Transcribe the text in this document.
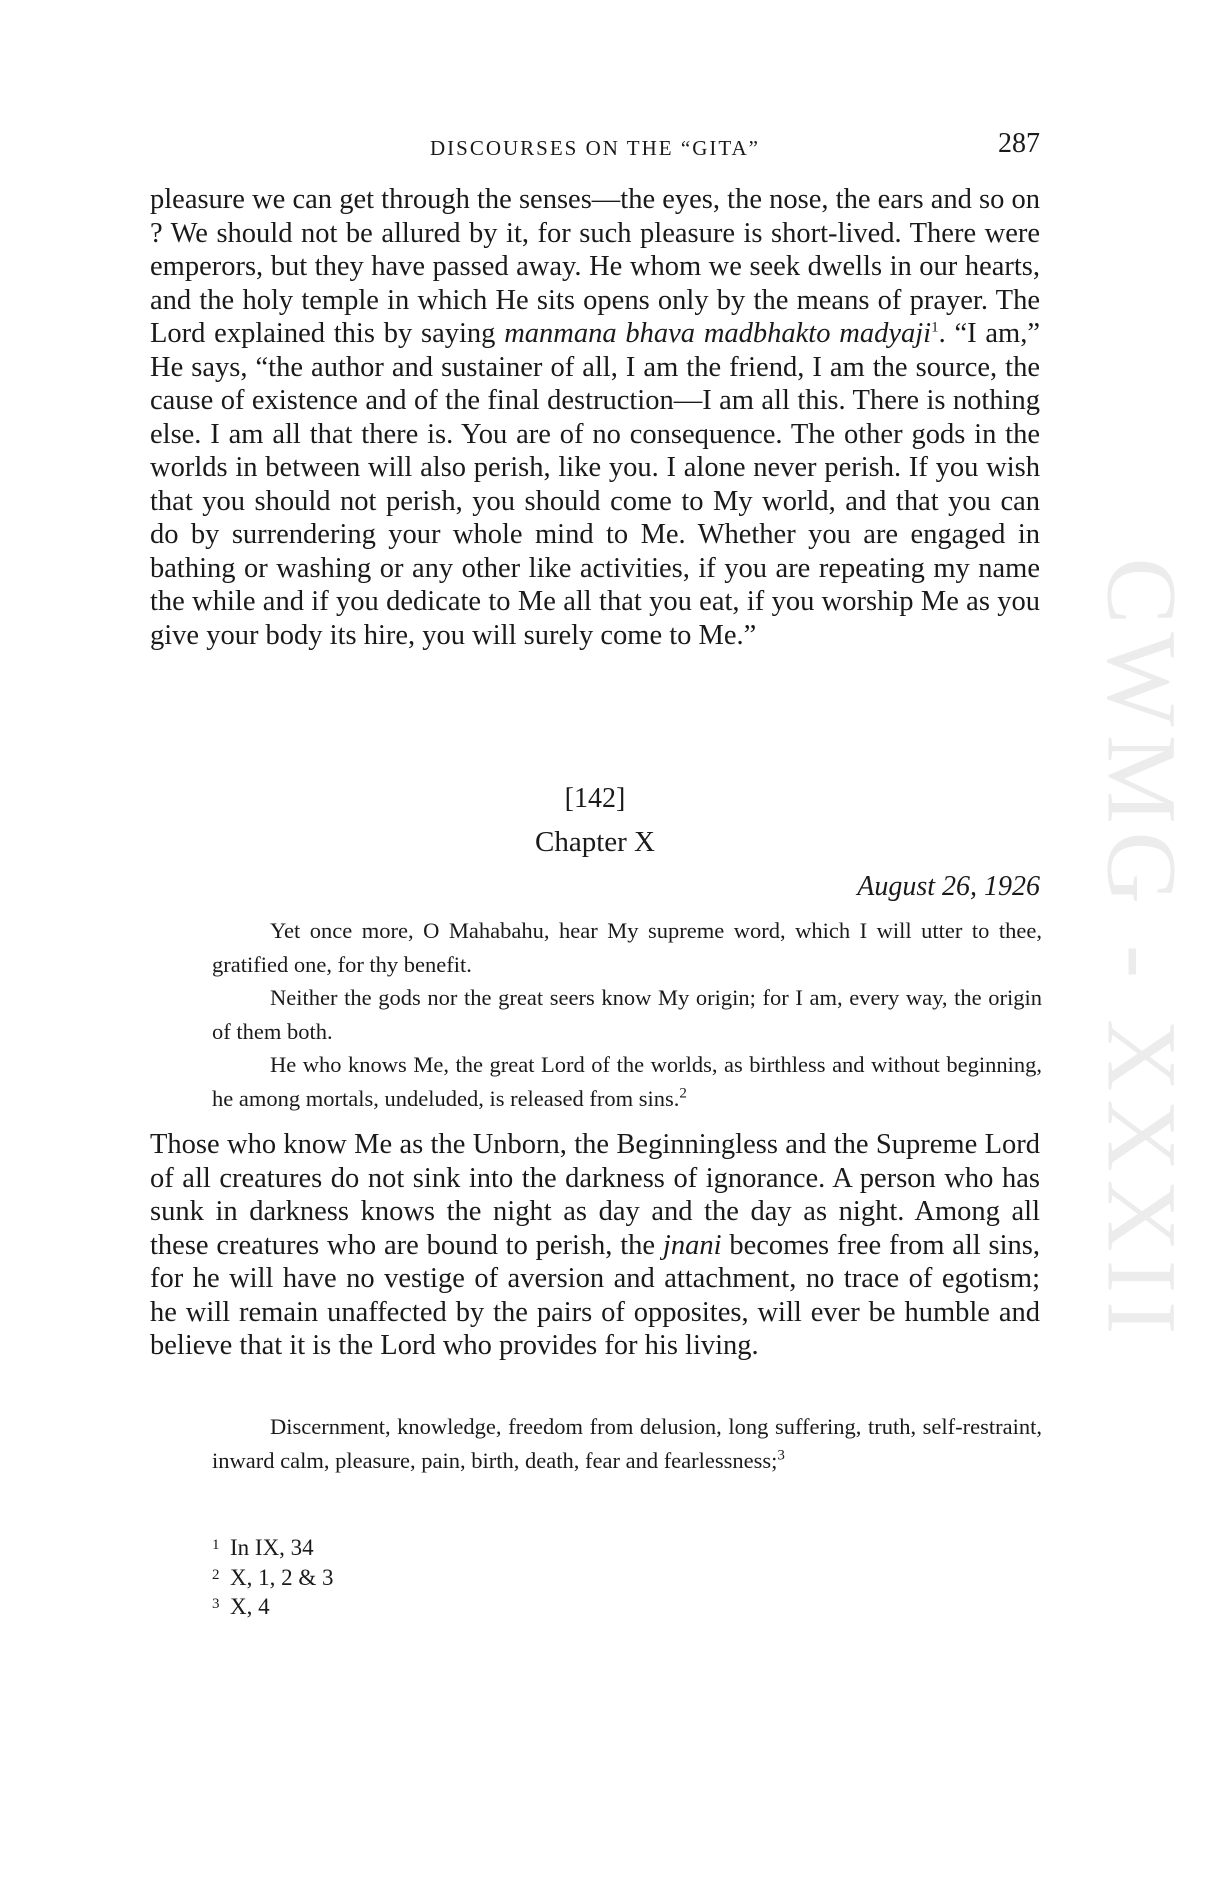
CWMG - XXXII
DISCOURSES ON THE “GITA”	287

pleasure we can get through the senses—the eyes, the nose, the ears and so on ? We should not be allured by it, for such pleasure is short-lived. There were emperors, but they have passed away. He whom we seek dwells in our hearts, and the holy temple in which He sits opens only by the means of prayer. The Lord explained this by saying manmana bhava madbhakto madyaji$^1$. “I am,” He says, “the author and sustainer of all, I am the friend, I am the source, the cause of existence and of the final destruction—I am all this. There is nothing else. I am all that there is. You are of no consequence. The other gods in the worlds in between will also perish, like you. I alone never perish. If you wish that you should not perish, you should come to My world, and that you can do by surrendering your whole mind to Me. Whether you are engaged in bathing or washing or any other like activities, if you are repeating my name the while and if you dedicate to Me all that you eat, if you worship Me as you give your body its hire, you will surely come to Me.”

[142]
Chapter X
August 26, 1926

Yet once more, O Mahabahu, hear My supreme word, which I will utter to thee, gratified one, for thy benefit.

Neither the gods nor the great seers know My origin; for I am, every way, the origin of them both.

He who knows Me, the great Lord of the worlds, as birthless and without beginning, he among mortals, undeluded, is released from sins.$^2$

Those who know Me as the Unborn, the Beginningless and the Supreme Lord of all creatures do not sink into the darkness of ignorance. A person who has sunk in darkness knows the night as day and the day as night. Among all these creatures who are bound to perish, the jnani becomes free from all sins, for he will have no vestige of aversion and attachment, no trace of egotism; he will remain unaffected by the pairs of opposites, will ever be humble and believe that it is the Lord who provides for his living.

Discernment, knowledge, freedom from delusion, long suffering, truth, self-restraint, inward calm, pleasure, pain, birth, death, fear and fearlessness;$^3$

1 In IX, 34
2 X, 1, 2 & 3
3 X, 4
